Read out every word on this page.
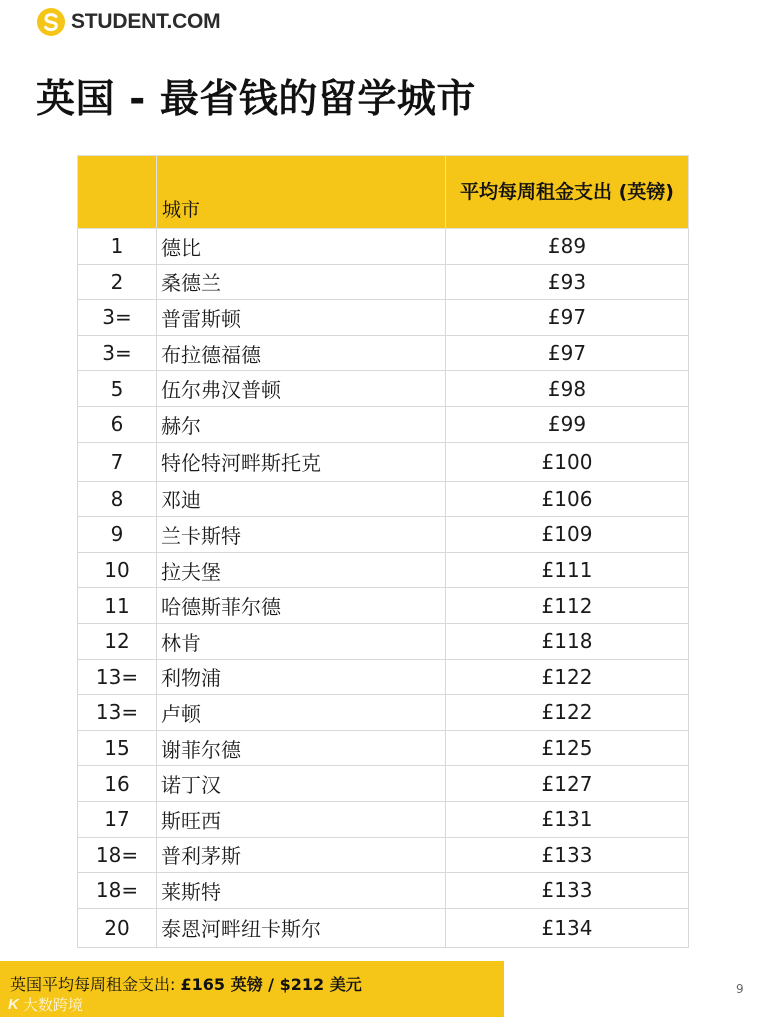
STUDENT.COM
英国 - 最省钱的留学城市
	城市	平均每周租金支出 (英镑)
1	德比	£89
2	桑德兰	£93
3=	普雷斯顿	£97
3=	布拉德福德	£97
5	伍尔弗汉普顿	£98
6	赫尔	£99
7	特伦特河畔斯托克	£100
8	邓迪	£106
9	兰卡斯特	£109
10	拉夫堡	£111
11	哈德斯菲尔德	£112
12	林肯	£118
13=	利物浦	£122
13=	卢顿	£122
15	谢菲尔德	£125
16	诺丁汉	£127
17	斯旺西	£131
18=	普利茅斯	£133
18=	莱斯特	£133
20	泰恩河畔纽卡斯尔	£134
英国平均每周租金支出: £165 英镑 / $212 美元
K 大数跨境
9
